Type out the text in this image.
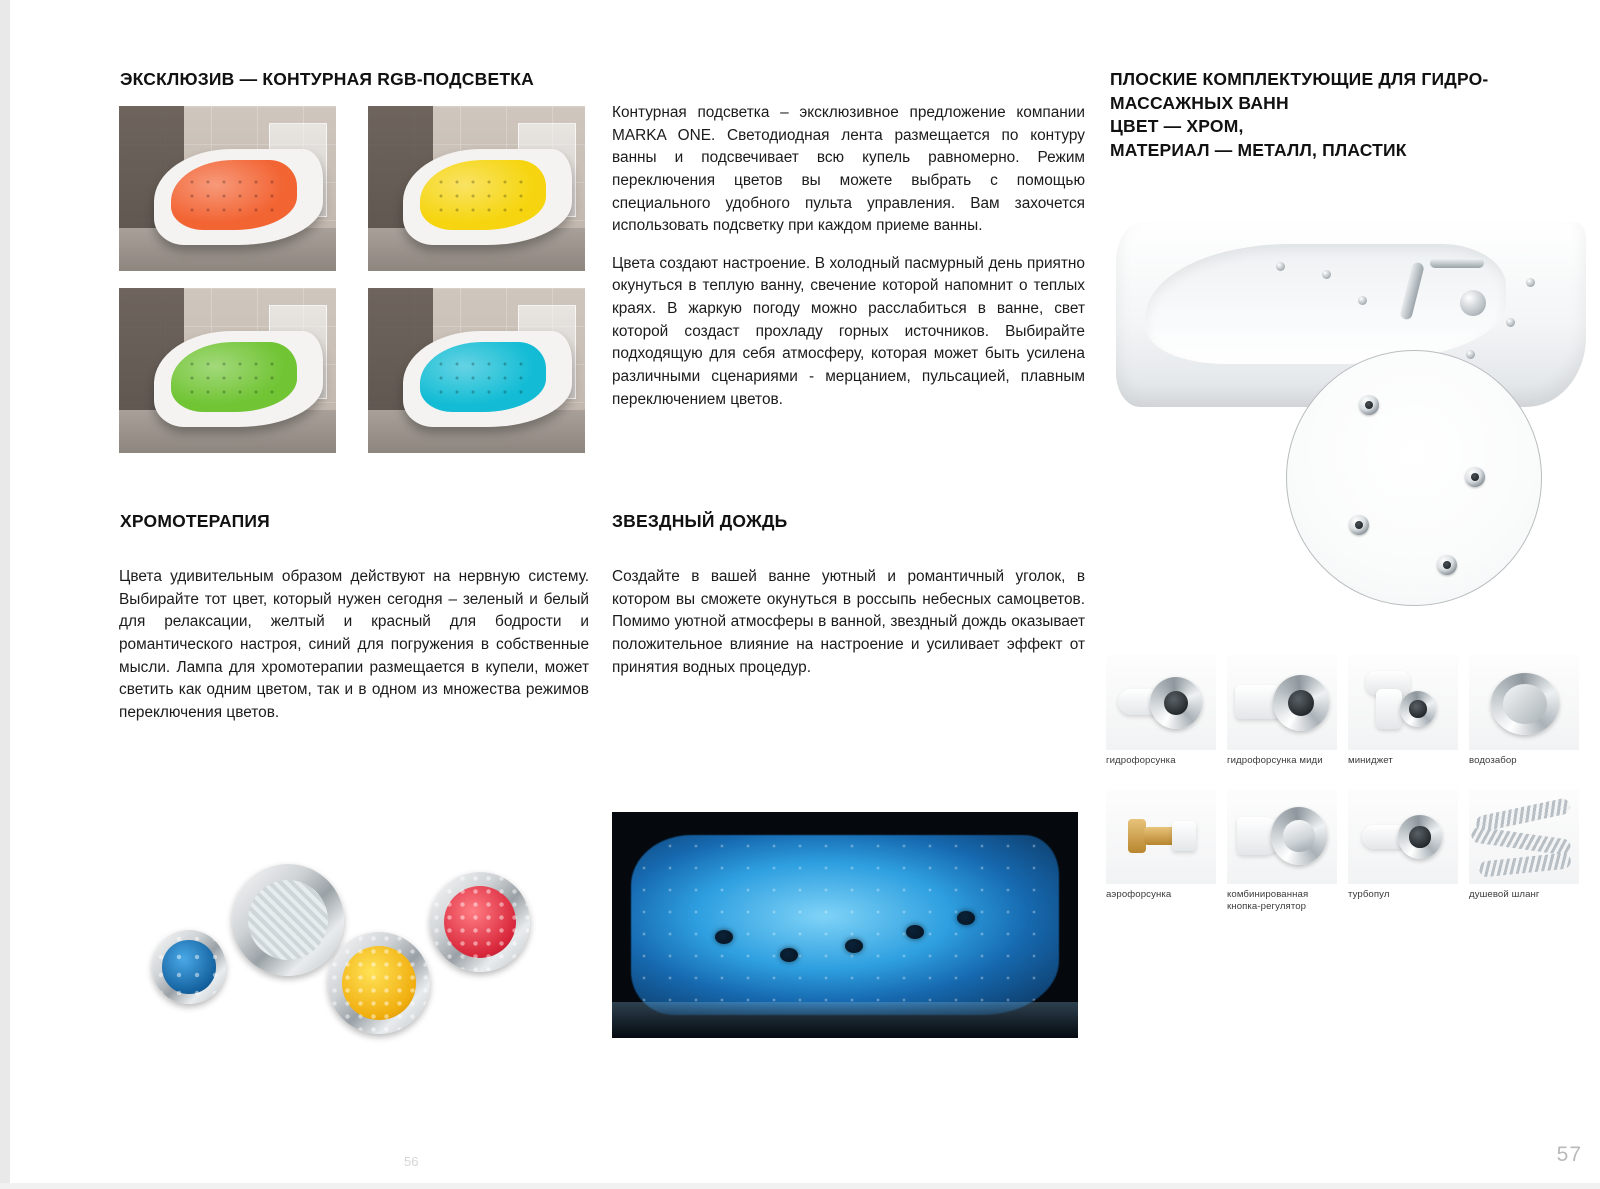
ЭКСКЛЮЗИВ — КОНТУРНАЯ RGB-ПОДСВЕТКА

Контурная подсветка – эксклюзивное предложение компании MARKA ONE. Светодиодная лента размещается по контуру ванны и подсвечивает всю купель равномерно. Режим переключения цветов вы можете выбрать с помощью специального удобного пульта управления. Вам захочется использовать подсветку при каждом приеме ванны.

Цвета создают настроение. В холодный пасмурный день приятно окунуться в теплую ванну, свечение которой напомнит о теплых краях. В жаркую погоду можно расслабиться в ванне, свет которой создаст прохладу горных источников. Выбирайте подходящую для себя атмосферу, которая может быть усилена различными сценариями - мерцанием, пульсацией, плавным переключением цветов.

ХРОМОТЕРАПИЯ

Цвета удивительным образом действуют на нервную систему. Выбирайте тот цвет, который нужен сегодня – зеленый и белый для релаксации, желтый и красный для бодрости и романтического настроя, синий для погружения в собственные мысли. Лампа для хромотерапии размещается в купели, может светить как одним цветом, так и в одном из множества режимов переключения цветов.

ЗВЕЗДНЫЙ ДОЖДЬ

Создайте в вашей ванне уютный и романтичный уголок, в котором вы сможете окунуться в россыпь небесных самоцветов. Помимо уютной атмосферы в ванной, звездный дождь оказывает положительное влияние на настроение и усиливает эффект от принятия водных процедур.

ПЛОСКИЕ КОМПЛЕКТУЮЩИЕ ДЛЯ ГИДРО-
МАССАЖНЫХ ВАНН
ЦВЕТ — ХРОМ,
МАТЕРИАЛ — МЕТАЛЛ, ПЛАСТИК
гидрофорсунка	гидрофорсунка миди	миниджет	водозабор
аэрофорсунка	комбинированная кнопка-регулятор
турбопул	душевой шланг
56	57
